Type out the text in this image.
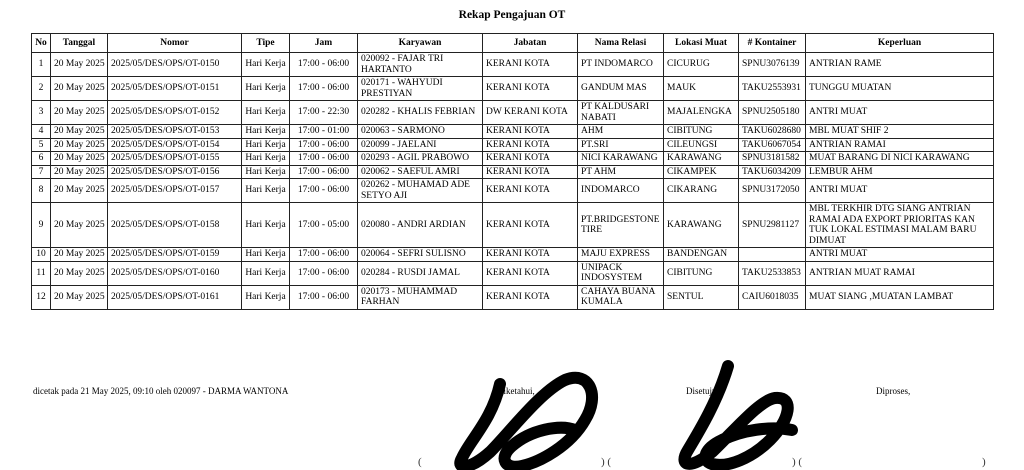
Rekap Pengajuan OT
No	Tanggal	Nomor	Tipe	Jam	Karyawan	Jabatan	Nama Relasi	Lokasi Muat	# Kontainer	Keperluan
1	20 May 2025	2025/05/DES/OPS/OT-0150	Hari Kerja	17:00 - 06:00	020092 - FAJAR TRI HARTANTO	KERANI KOTA	PT INDOMARCO	CICURUG	SPNU3076139	ANTRIAN RAME
2	20 May 2025	2025/05/DES/OPS/OT-0151	Hari Kerja	17:00 - 06:00	020171 - WAHYUDI PRESTIYAN	KERANI KOTA	GANDUM MAS	MAUK	TAKU2553931	TUNGGU MUATAN
3	20 May 2025	2025/05/DES/OPS/OT-0152	Hari Kerja	17:00 - 22:30	020282 - KHALIS FEBRIAN	DW KERANI KOTA	PT KALDUSARI NABATI	MAJALENGKA	SPNU2505180	ANTRI MUAT
4	20 May 2025	2025/05/DES/OPS/OT-0153	Hari Kerja	17:00 - 01:00	020063 - SARMONO	KERANI KOTA	AHM	CIBITUNG	TAKU6028680	MBL MUAT SHIF 2
5	20 May 2025	2025/05/DES/OPS/OT-0154	Hari Kerja	17:00 - 06:00	020099 - JAELANI	KERANI KOTA	PT.SRI	CILEUNGSI	TAKU6067054	ANTRIAN RAMAI
6	20 May 2025	2025/05/DES/OPS/OT-0155	Hari Kerja	17:00 - 06:00	020293 - AGIL PRABOWO	KERANI KOTA	NICI KARAWANG	KARAWANG	SPNU3181582	MUAT BARANG DI NICI KARAWANG
7	20 May 2025	2025/05/DES/OPS/OT-0156	Hari Kerja	17:00 - 06:00	020062 - SAEFUL AMRI	KERANI KOTA	PT AHM	CIKAMPEK	TAKU6034209	LEMBUR AHM
8	20 May 2025	2025/05/DES/OPS/OT-0157	Hari Kerja	17:00 - 06:00	020262 - MUHAMAD ADE SETYO AJI	KERANI KOTA	INDOMARCO	CIKARANG	SPNU3172050	ANTRI MUAT
9	20 May 2025	2025/05/DES/OPS/OT-0158	Hari Kerja	17:00 - 05:00	020080 - ANDRI ARDIAN	KERANI KOTA	PT.BRIDGESTONE TIRE	KARAWANG	SPNU2981127	MBL TERKHIR DTG SIANG ANTRIAN RAMAI ADA EXPORT PRIORITAS KAN TUK LOKAL ESTIMASI MALAM BARU DIMUAT
10	20 May 2025	2025/05/DES/OPS/OT-0159	Hari Kerja	17:00 - 06:00	020064 - SEFRI SULISNO	KERANI KOTA	MAJU EXPRESS	BANDENGAN		ANTRI MUAT
11	20 May 2025	2025/05/DES/OPS/OT-0160	Hari Kerja	17:00 - 06:00	020284 - RUSDI JAMAL	KERANI KOTA	UNIPACK INDOSYSTEM	CIBITUNG	TAKU2533853	ANTRIAN MUAT RAMAI
12	20 May 2025	2025/05/DES/OPS/OT-0161	Hari Kerja	17:00 - 06:00	020173 - MUHAMMAD FARHAN	KERANI KOTA	CAHAYA BUANA KUMALA	SENTUL	CAIU6018035	MUAT SIANG ,MUATAN LAMBAT
dicetak pada 21 May 2025, 09:10 oleh 020097 - DARMA WANTONA	Diketahui,	Disetujui,	Diproses,
(	) (	) (	)
